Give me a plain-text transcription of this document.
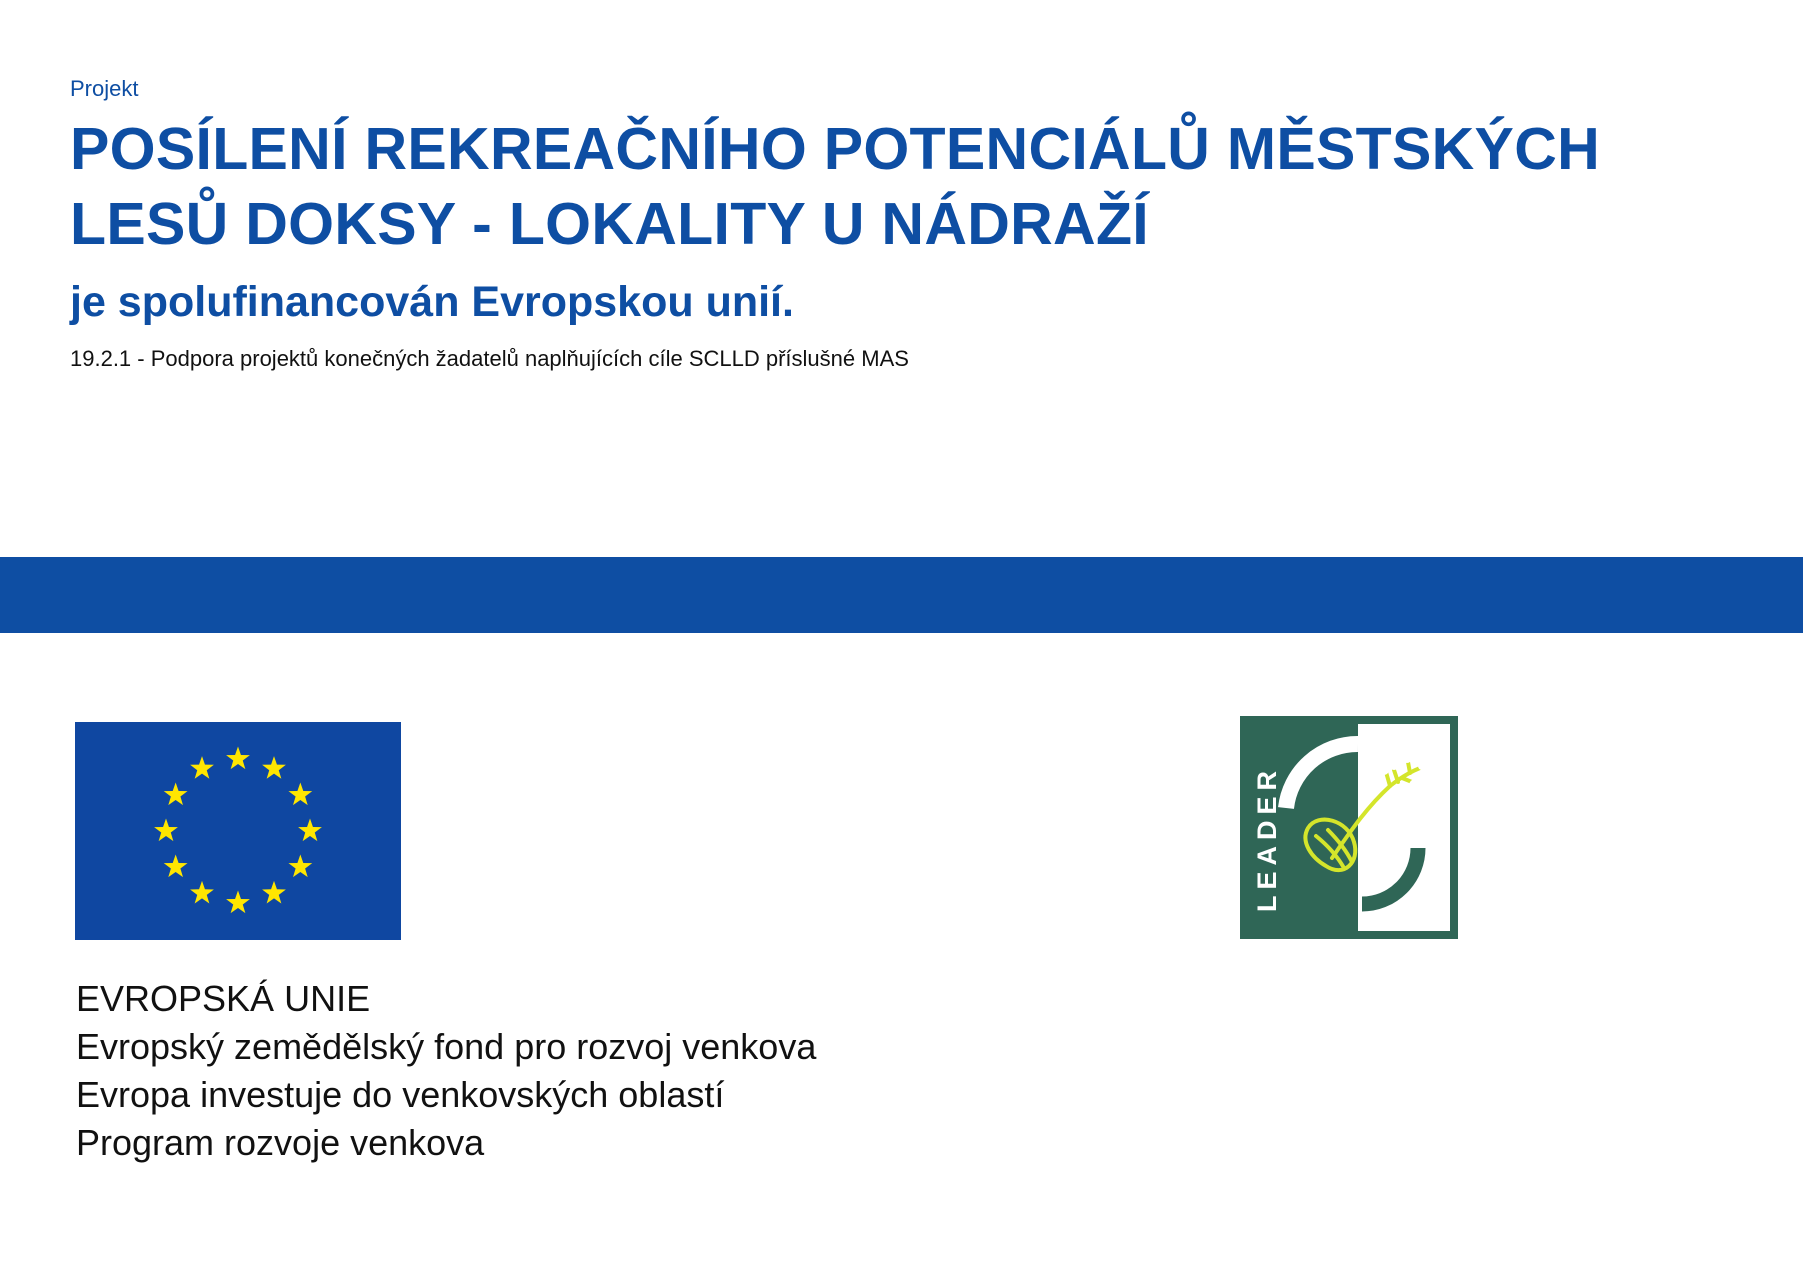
Projekt
POSÍLENÍ REKREAČNÍHO POTENCIÁLŮ MĚSTSKÝCH
LESŮ DOKSY - LOKALITY U NÁDRAŽÍ
je spolufinancován Evropskou unií.
19.2.1 - Podpora projektů konečných žadatelů naplňujících cíle SCLLD příslušné MAS
LEADER
EVROPSKÁ UNIE
Evropský zemědělský fond pro rozvoj venkova
Evropa investuje do venkovských oblastí
Program rozvoje venkova
